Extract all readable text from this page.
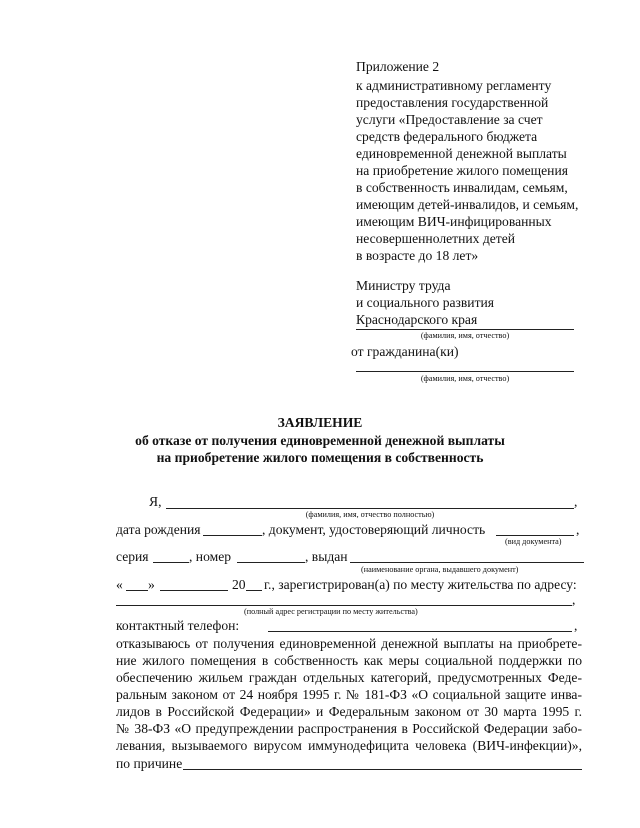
Приложение 2
к административному регламенту
предоставления государственной
услуги «Предоставление за счет
средств федерального бюджета
единовременной денежной выплаты
на приобретение жилого помещения
в собственность инвалидам, семьям,
имеющим детей-инвалидов, и семьям,
имеющим ВИЧ-инфицированных
несовершеннолетних детей
в возрасте до 18 лет»
Министру труда
и социального развития
Краснодарского края
(фамилия, имя, отчество)
от гражданина(ки)
(фамилия, имя, отчество)
ЗАЯВЛЕНИЕ
об отказе от получения единовременной денежной выплаты
на приобретение жилого помещения в собственность
Я,	,
(фамилия, имя, отчество полностью)
дата рождения	, документ, удостоверяющий личность	,
(вид документа)
серия	, номер	, выдан
(наименование органа, выдавшего документ)
« »	20 г., зарегистрирован(а) по месту жительства по адресу:
,
(полный адрес регистрации по месту жительства)
контактный телефон:	,
отказываюсь от получения единовременной денежной выплаты на приобрете-
ние жилого помещения в собственность как меры социальной поддержки по
обеспечению жильем граждан отдельных категорий, предусмотренных Феде-
ральным законом от 24 ноября 1995 г. № 181-ФЗ «О социальной защите инва-
лидов в Российской Федерации» и Федеральным законом от 30 марта 1995 г.
№ 38-ФЗ «О предупреждении распространения в Российской Федерации забо-
левания, вызываемого вирусом иммунодефицита человека (ВИЧ-инфекции)»,
по причине
